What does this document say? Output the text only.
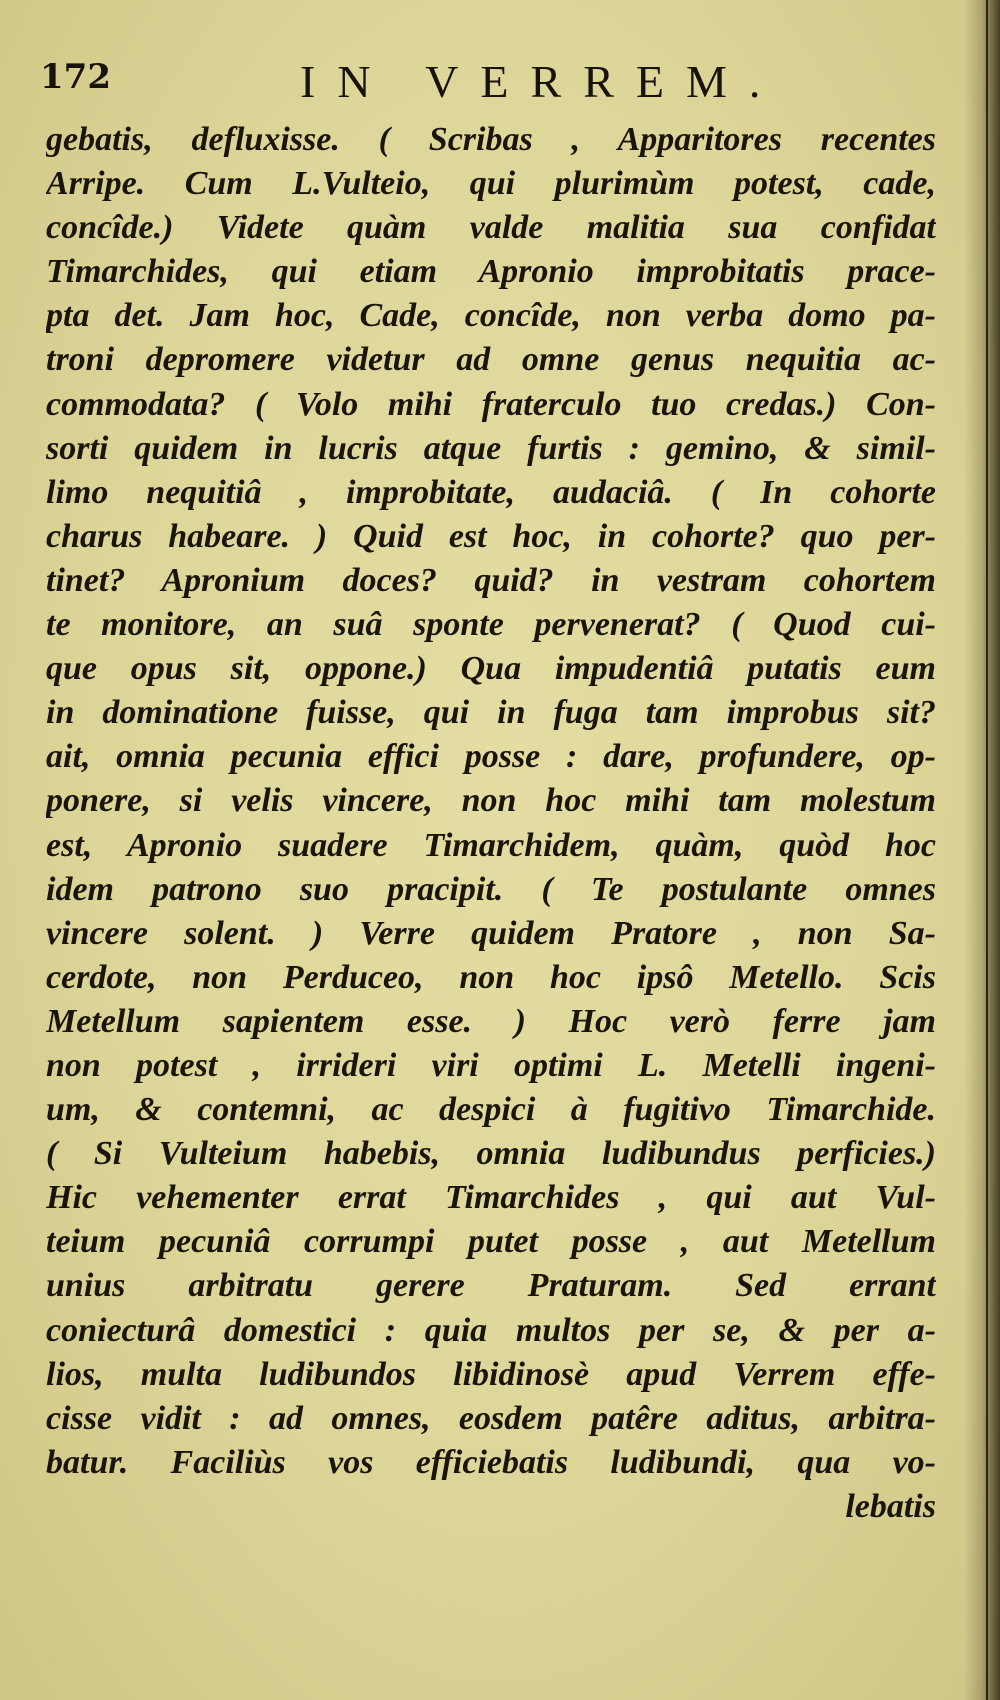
172	IN VERREM.
gebatis, defluxisse. ( Scribas , Apparitores recentes
Arripe. Cum L.Vulteio, qui plurimùm potest, cade,
concîde.) Videte quàm valde malitia sua confidat
Timarchides, qui etiam Apronio improbitatis prace-
pta det. Jam hoc, Cade, concîde, non verba domo pa-
troni depromere videtur ad omne genus nequitia ac-
commodata? ( Volo mihi fraterculo tuo credas.) Con-
sorti quidem in lucris atque furtis : gemino, & simil-
limo nequitiâ , improbitate, audaciâ. ( In cohorte
charus habeare. ) Quid est hoc, in cohorte? quo per-
tinet? Apronium doces? quid? in vestram cohortem
te monitore, an suâ sponte pervenerat? ( Quod cui-
que opus sit, oppone.) Qua impudentiâ putatis eum
in dominatione fuisse, qui in fuga tam improbus sit?
ait, omnia pecunia effici posse : dare, profundere, op-
ponere, si velis vincere, non hoc mihi tam molestum
est, Apronio suadere Timarchidem, quàm, quòd hoc
idem patrono suo pracipit. ( Te postulante omnes
vincere solent. ) Verre quidem Pratore , non Sa-
cerdote, non Perduceo, non hoc ipsô Metello. Scis
Metellum sapientem esse. ) Hoc verò ferre jam
non potest , irrideri viri optimi L. Metelli ingeni-
um, & contemni, ac despici à fugitivo Timarchide.
( Si Vulteium habebis, omnia ludibundus perficies.)
Hic vehementer errat Timarchides , qui aut Vul-
teium pecuniâ corrumpi putet posse , aut Metellum
unius arbitratu gerere Praturam. Sed errant
coniecturâ domestici : quia multos per se, & per a-
lios, multa ludibundos libidinosè apud Verrem effe-
cisse vidit : ad omnes, eosdem patêre aditus, arbitra-
batur. Faciliùs vos efficiebatis ludibundi, qua vo-
lebatis
